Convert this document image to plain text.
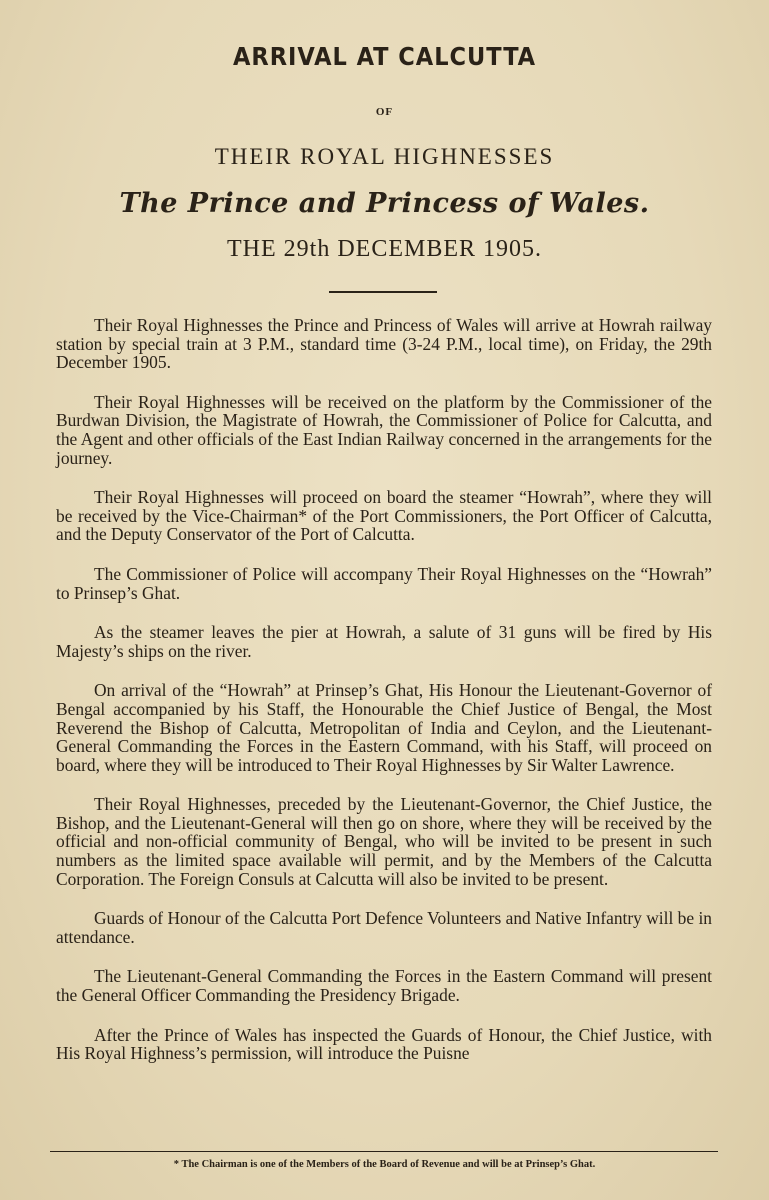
ARRIVAL AT CALCUTTA
OF
THEIR ROYAL HIGHNESSES
The Prince and Princess of Wales.
THE 29th DECEMBER 1905.

Their Royal Highnesses the Prince and Princess of Wales will arrive at Howrah railway station by special train at 3 P.M., standard time (3-24 P.M., local time), on Friday, the 29th December 1905.

Their Royal Highnesses will be received on the platform by the Commissioner of the Burdwan Division, the Magistrate of Howrah, the Commissioner of Police for Calcutta, and the Agent and other officials of the East Indian Railway concerned in the arrangements for the journey.

Their Royal Highnesses will proceed on board the steamer “Howrah”, where they will be received by the Vice-Chairman* of the Port Commissioners, the Port Officer of Calcutta, and the Deputy Conservator of the Port of Calcutta.

The Commissioner of Police will accompany Their Royal Highnesses on the “Howrah” to Prinsep’s Ghat.

As the steamer leaves the pier at Howrah, a salute of 31 guns will be fired by His Majesty’s ships on the river.

On arrival of the “Howrah” at Prinsep’s Ghat, His Honour the Lieutenant-Governor of Bengal accompanied by his Staff, the Honourable the Chief Justice of Bengal, the Most Reverend the Bishop of Calcutta, Metropolitan of India and Ceylon, and the Lieutenant-General Commanding the Forces in the Eastern Command, with his Staff, will proceed on board, where they will be introduced to Their Royal Highnesses by Sir Walter Lawrence.

Their Royal Highnesses, preceded by the Lieutenant-Governor, the Chief Justice, the Bishop, and the Lieutenant-General will then go on shore, where they will be received by the official and non-official community of Bengal, who will be invited to be present in such numbers as the limited space available will permit, and by the Members of the Calcutta Corporation. The Foreign Consuls at Calcutta will also be invited to be present.

Guards of Honour of the Calcutta Port Defence Volunteers and Native Infantry will be in attendance.

The Lieutenant-General Commanding the Forces in the Eastern Command will present the General Officer Commanding the Presidency Brigade.

After the Prince of Wales has inspected the Guards of Honour, the Chief Justice, with His Royal Highness’s permission, will introduce the Puisne

* The Chairman is one of the Members of the Board of Revenue and will be at Prinsep’s Ghat.
